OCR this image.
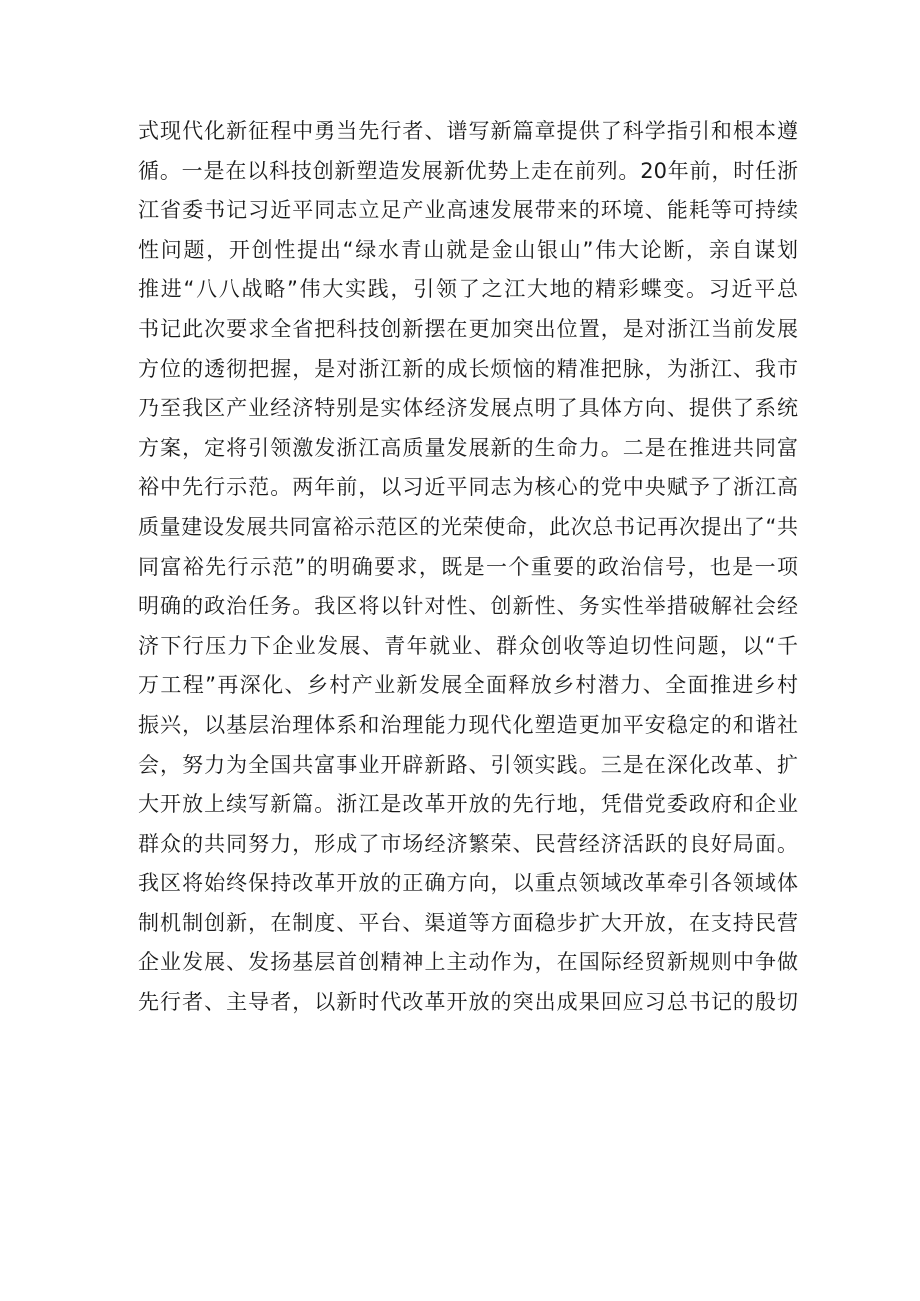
式现代化新征程中勇当先行者、谱写新篇章提供了科学指引和根本遵
循。一是在以科技创新塑造发展新优势上走在前列。20年前，时任浙
江省委书记习近平同志立足产业高速发展带来的环境、能耗等可持续
性问题，开创性提出“绿水青山就是金山银山”伟大论断，亲自谋划
推进“八八战略”伟大实践，引领了之江大地的精彩蝶变。习近平总
书记此次要求全省把科技创新摆在更加突出位置，是对浙江当前发展
方位的透彻把握，是对浙江新的成长烦恼的精准把脉，为浙江、我市
乃至我区产业经济特别是实体经济发展点明了具体方向、提供了系统
方案，定将引领激发浙江高质量发展新的生命力。二是在推进共同富
裕中先行示范。两年前，以习近平同志为核心的党中央赋予了浙江高
质量建设发展共同富裕示范区的光荣使命，此次总书记再次提出了“共
同富裕先行示范”的明确要求，既是一个重要的政治信号，也是一项
明确的政治任务。我区将以针对性、创新性、务实性举措破解社会经
济下行压力下企业发展、青年就业、群众创收等迫切性问题，以“千
万工程”再深化、乡村产业新发展全面释放乡村潜力、全面推进乡村
振兴，以基层治理体系和治理能力现代化塑造更加平安稳定的和谐社
会，努力为全国共富事业开辟新路、引领实践。三是在深化改革、扩
大开放上续写新篇。浙江是改革开放的先行地，凭借党委政府和企业
群众的共同努力，形成了市场经济繁荣、民营经济活跃的良好局面。
我区将始终保持改革开放的正确方向，以重点领域改革牵引各领域体
制机制创新，在制度、平台、渠道等方面稳步扩大开放，在支持民营
企业发展、发扬基层首创精神上主动作为，在国际经贸新规则中争做
先行者、主导者，以新时代改革开放的突出成果回应习总书记的殷切
